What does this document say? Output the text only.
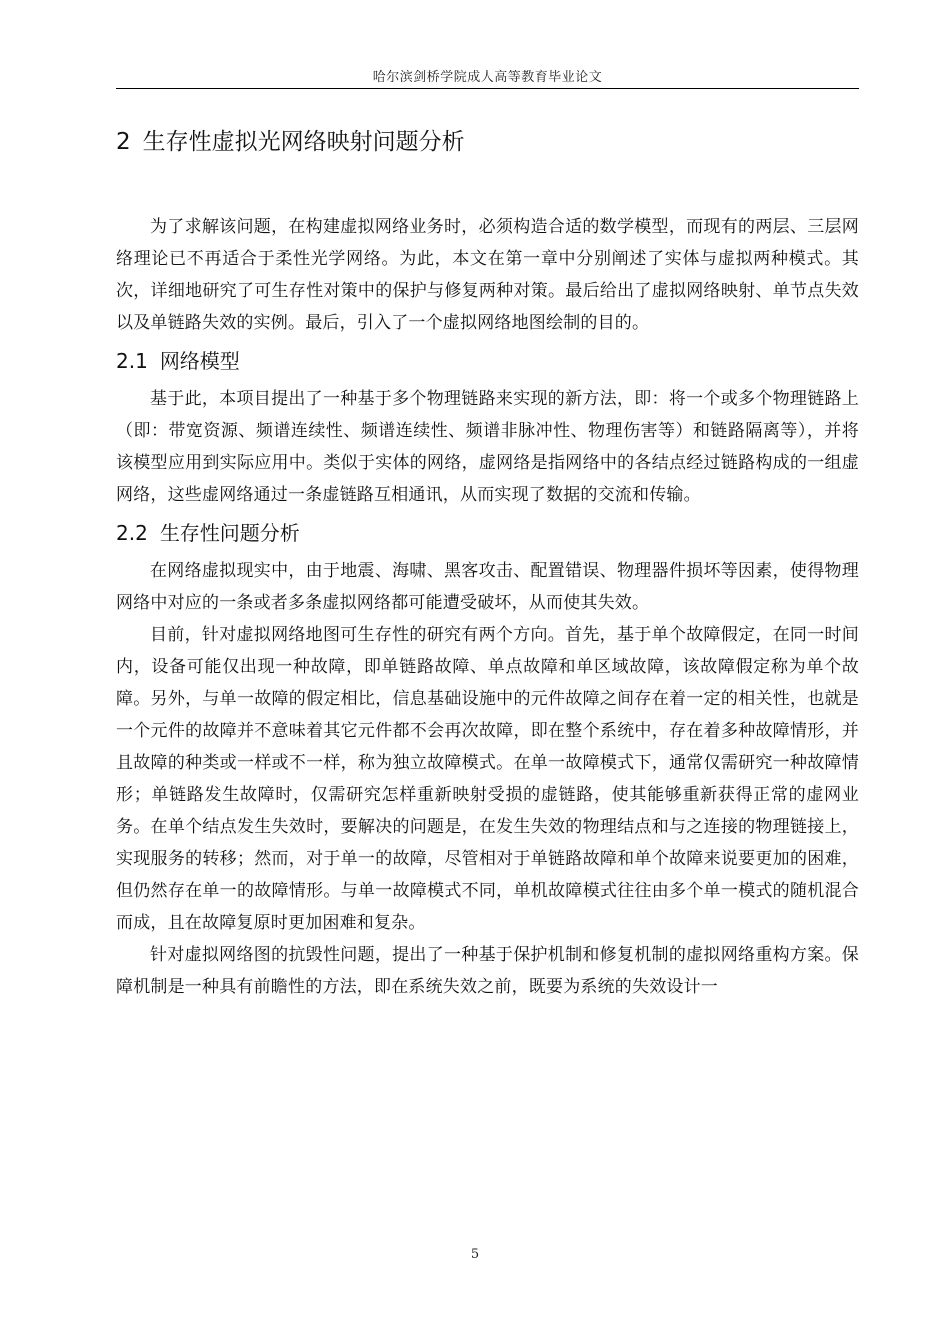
哈尔滨剑桥学院成人高等教育毕业论文
2 生存性虚拟光网络映射问题分析

为了求解该问题，在构建虚拟网络业务时，必须构造合适的数学模型，而现有的两层、三层网络理论已不再适合于柔性光学网络。为此，本文在第一章中分别阐述了实体与虚拟两种模式。其次，详细地研究了可生存性对策中的保护与修复两种对策。最后给出了虚拟网络映射、单节点失效以及单链路失效的实例。最后，引入了一个虚拟网络地图绘制的目的。

2.1 网络模型

基于此，本项目提出了一种基于多个物理链路来实现的新方法，即：将一个或多个物理链路上（即：带宽资源、频谱连续性、频谱连续性、频谱非脉冲性、物理伤害等）和链路隔离等），并将该模型应用到实际应用中。类似于实体的网络，虚网络是指网络中的各结点经过链路构成的一组虚网络，这些虚网络通过一条虚链路互相通讯，从而实现了数据的交流和传输。

2.2 生存性问题分析

在网络虚拟现实中，由于地震、海啸、黑客攻击、配置错误、物理器件损坏等因素，使得物理网络中对应的一条或者多条虚拟网络都可能遭受破坏，从而使其失效。

目前，针对虚拟网络地图可生存性的研究有两个方向。首先，基于单个故障假定，在同一时间内，设备可能仅出现一种故障，即单链路故障、单点故障和单区域故障，该故障假定称为单个故障。另外，与单一故障的假定相比，信息基础设施中的元件故障之间存在着一定的相关性，也就是一个元件的故障并不意味着其它元件都不会再次故障，即在整个系统中，存在着多种故障情形，并且故障的种类或一样或不一样，称为独立故障模式。在单一故障模式下，通常仅需研究一种故障情形；单链路发生故障时，仅需研究怎样重新映射受损的虚链路，使其能够重新获得正常的虚网业务。在单个结点发生失效时，要解决的问题是，在发生失效的物理结点和与之连接的物理链接上，实现服务的转移；然而，对于单一的故障，尽管相对于单链路故障和单个故障来说要更加的困难，但仍然存在单一的故障情形。与单一故障模式不同，单机故障模式往往由多个单一模式的随机混合而成，且在故障复原时更加困难和复杂。

针对虚拟网络图的抗毁性问题，提出了一种基于保护机制和修复机制的虚拟网络重构方案。保障机制是一种具有前瞻性的方法，即在系统失效之前，既要为系统的失效设计一

5
